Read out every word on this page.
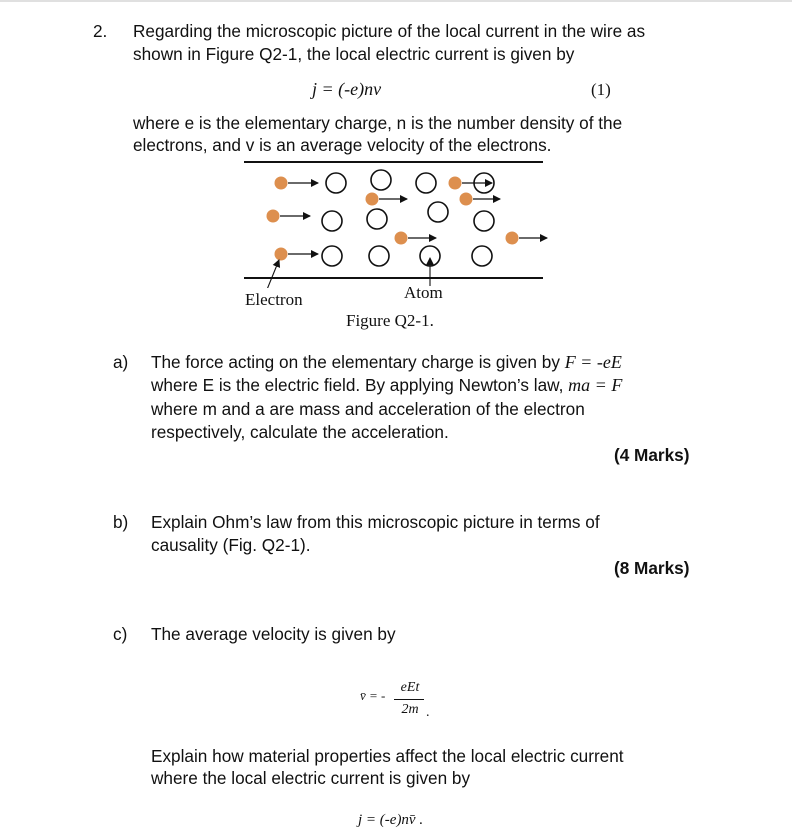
2. Regarding the microscopic picture of the local current in the wire as
shown in Figure Q2-1, the local electric current is given by
j = (-e)nv	(1)
where e is the elementary charge, n is the number density of the
electrons, and v is an average velocity of the electrons.
Electron	Atom
Figure Q2-1.
a) The force acting on the elementary charge is given by F = -eE
where E is the electric field. By applying Newton’s law, ma = F
where m and a are mass and acceleration of the electron
respectively, calculate the acceleration.
(4 Marks)
b) Explain Ohm’s law from this microscopic picture in terms of
causality (Fig. Q2-1).
(8 Marks)
c) The average velocity is given by
v̄ = -
eEt
2m .
Explain how material properties affect the local electric current
where the local electric current is given by
j = (-e)nv̄ .
